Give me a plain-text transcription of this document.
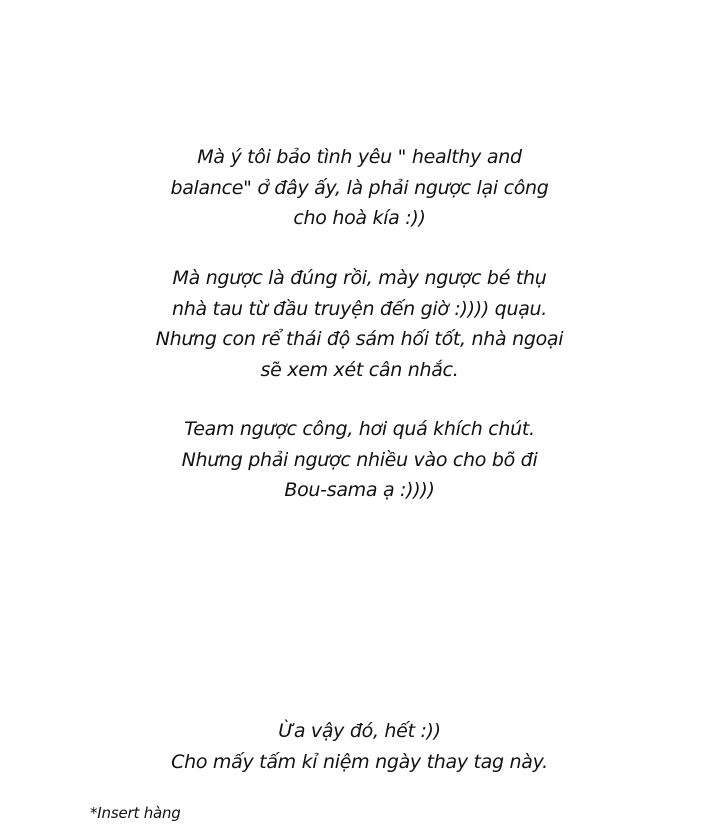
Mà ý tôi bảo tình yêu " healthy and
balance" ở đây ấy, là phải ngược lại công
cho hoà kía :))
Mà ngược là đúng rồi, mày ngược bé thụ
nhà tau từ đầu truyện đến giờ :)))) quạu.
Nhưng con rể thái độ sám hối tốt, nhà ngoại
sẽ xem xét cân nhắc.
Team ngược công, hơi quá khích chút.
Nhưng phải ngược nhiều vào cho bõ đi
Bou-sama ạ :))))
Ừa vậy đó, hết :))
Cho mấy tấm kỉ niệm ngày thay tag này.
*Insert hàng
